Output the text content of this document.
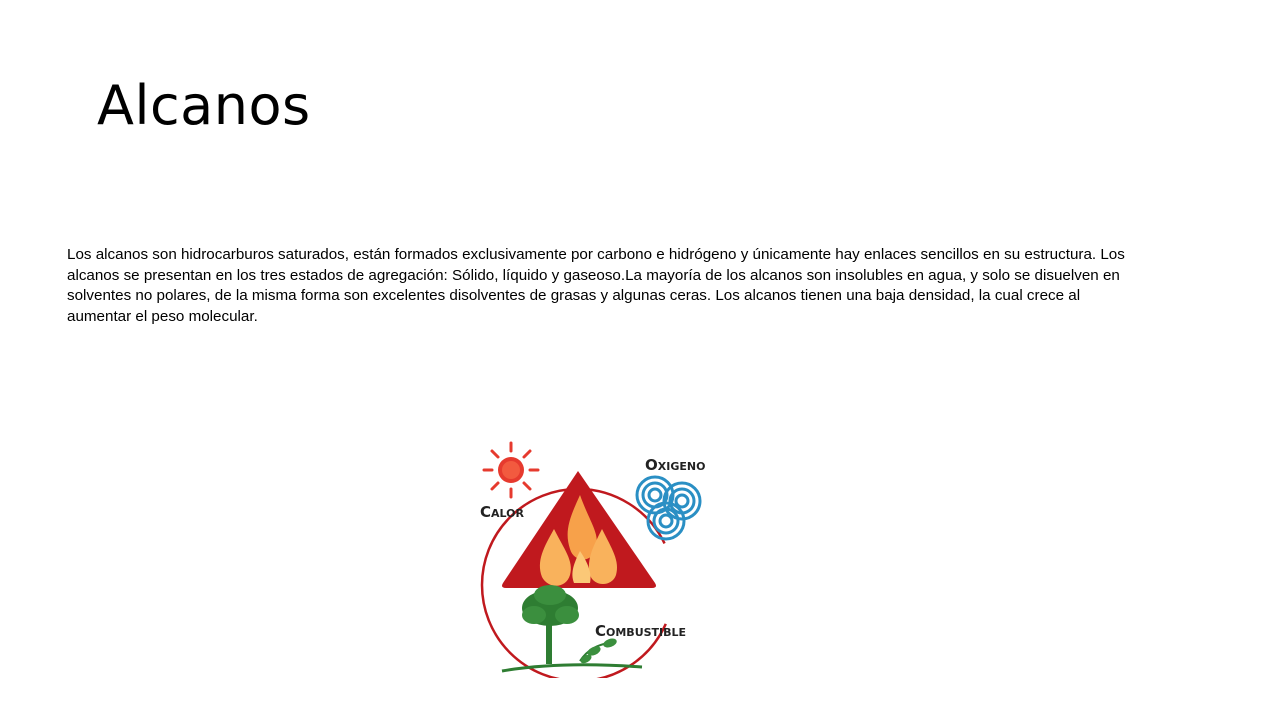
Alcanos

Los alcanos son hidrocarburos saturados, están formados exclusivamente por carbono e hidrógeno y únicamente hay enlaces sencillos en su estructura. Los alcanos se presentan en los tres estados de agregación: Sólido, líquido y gaseoso.La mayoría de los alcanos son insolubles en agua, y solo se disuelven en solventes no polares, de la misma forma son excelentes disolventes de grasas y algunas ceras. Los alcanos tienen una baja densidad, la cual crece al aumentar el peso molecular.

Calor
Oxigeno
Combustible
